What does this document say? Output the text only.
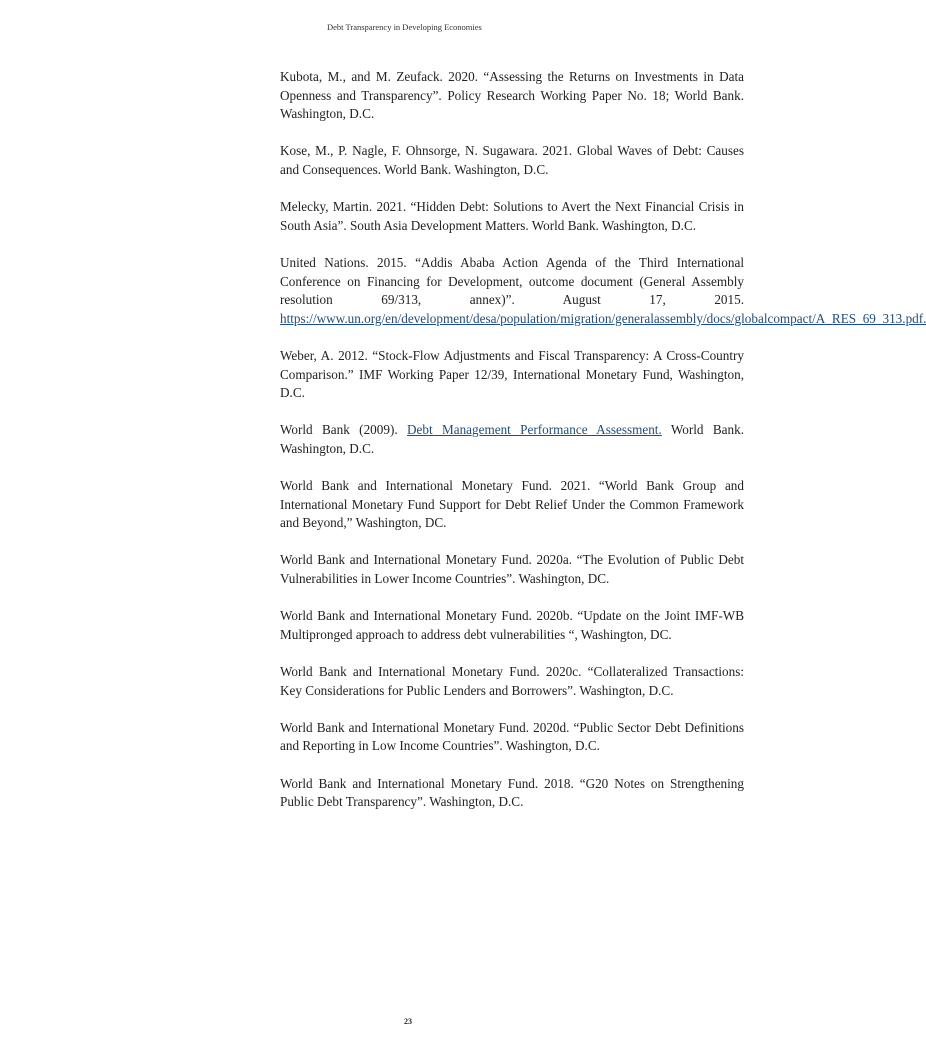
Debt Transparency in Developing Economies

Kubota, M., and M. Zeufack. 2020. “Assessing the Returns on Investments in Data Openness and Transparency”. Policy Research Working Paper No. 18; World Bank. Washington, D.C.

Kose, M., P. Nagle, F. Ohnsorge, N. Sugawara. 2021. Global Waves of Debt: Causes and Consequences. World Bank. Washington, D.C.

Melecky, Martin. 2021. “Hidden Debt: Solutions to Avert the Next Financial Crisis in South Asia”. South Asia Development Matters. World Bank. Washington, D.C.

United Nations. 2015. “Addis Ababa Action Agenda of the Third International Conference on Financing for Development, outcome document (General Assembly resolution 69/313, annex)”. August 17, 2015. https://www.un.org/en/development/desa/population/migration/generalassembly/docs/globalcompact/A_RES_69_313.pdf.

Weber, A. 2012. “Stock-Flow Adjustments and Fiscal Transparency: A Cross-Country Comparison.” IMF Working Paper 12/39, International Monetary Fund, Washington, D.C.

World Bank (2009). Debt Management Performance Assessment. World Bank. Washington, D.C.

World Bank and International Monetary Fund. 2021. “World Bank Group and International Monetary Fund Support for Debt Relief Under the Common Framework and Beyond,” Washington, DC.

World Bank and International Monetary Fund. 2020a. “The Evolution of Public Debt Vulnerabilities in Lower Income Countries”. Washington, DC.

World Bank and International Monetary Fund. 2020b. “Update on the Joint IMF-WB Multipronged approach to address debt vulnerabilities “, Washington, DC.

World Bank and International Monetary Fund. 2020c. “Collateralized Transactions: Key Considerations for Public Lenders and Borrowers”. Washington, D.C.

World Bank and International Monetary Fund. 2020d. “Public Sector Debt Definitions and Reporting in Low Income Countries”. Washington, D.C.

World Bank and International Monetary Fund. 2018. “G20 Notes on Strengthening Public Debt Transparency”. Washington, D.C.

23
